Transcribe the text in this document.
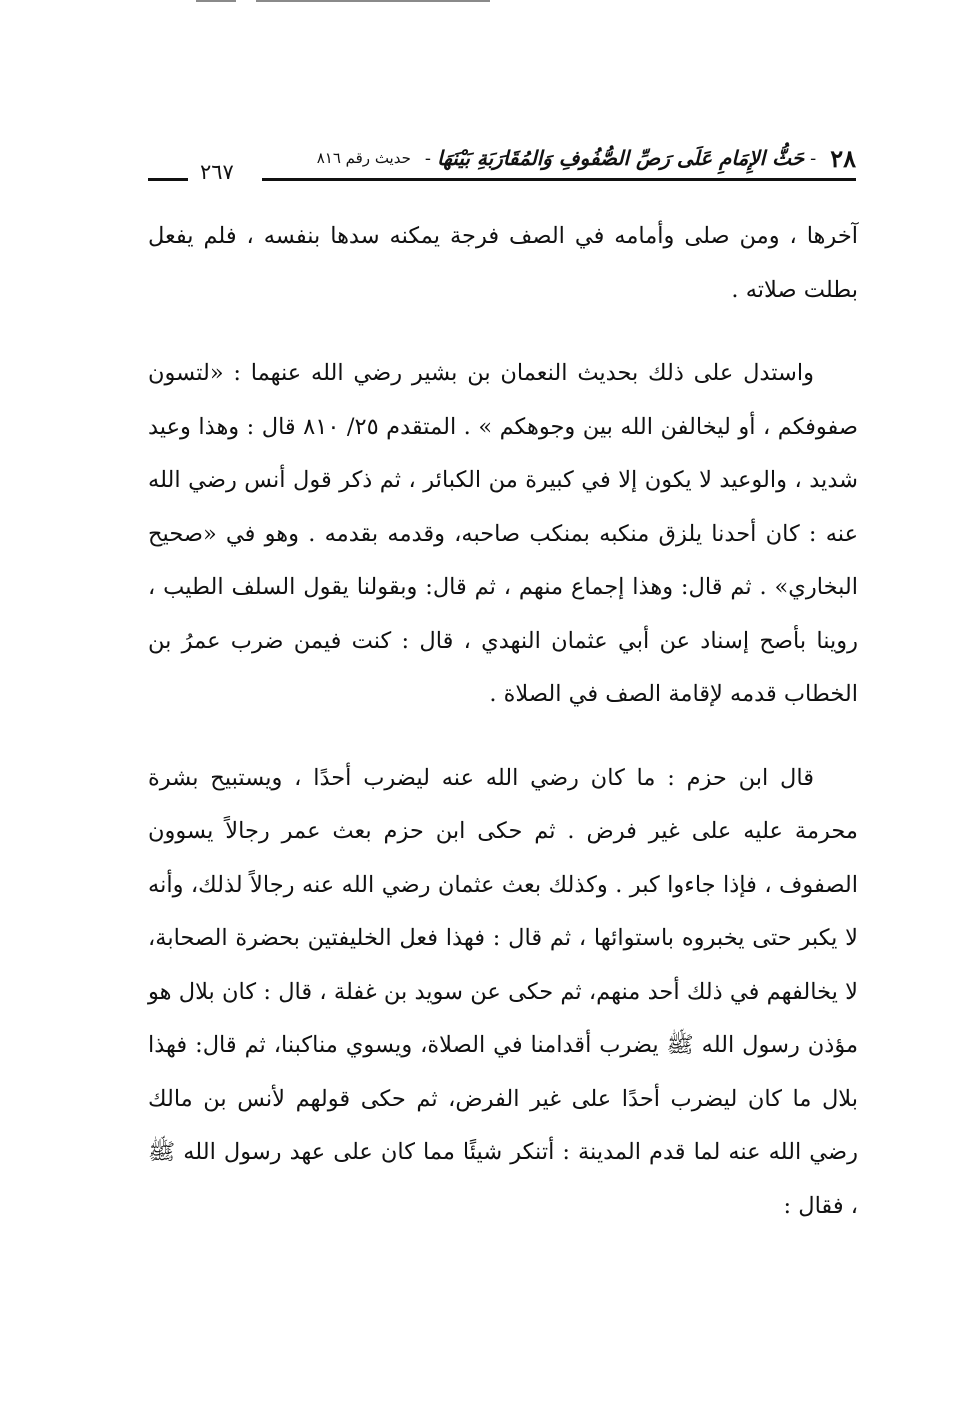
٢٨
-
حَثُّ الإِمَامِ عَلَى رَصِّ الصُّفُوفِ وَالمُقَارَبَةِ بَيْنَهَا
-
حديث رقم ٨١٦
٢٦٧

آخرها ، ومن صلى وأمامه في الصف فرجة يمكنه سدها بنفسه ، فلم يفعل بطلت صلاته .

واستدل على ذلك بحديث النعمان بن بشير رضي الله عنهما : «لتسون صفوفكم ، أو ليخالفن الله بين وجوهكم » . المتقدم ٢٥/ ٨١٠ قال : وهذا وعيد شديد ، والوعيد لا يكون إلا في كبيرة من الكبائر ، ثم ذكر قول أنس رضي الله عنه : كان أحدنا يلزق منكبه بمنكب صاحبه، وقدمه بقدمه . وهو في «صحيح البخاري» . ثم قال: وهذا إجماع منهم ، ثم قال: وبقولنا يقول السلف الطيب ، روينا بأصح إسناد عن أبي عثمان النهدي ، قال : كنت فيمن ضرب عمرُ بن الخطاب قدمه لإقامة الصف في الصلاة .

قال ابن حزم : ما كان رضي الله عنه ليضرب أحدًا ، ويستبيح بشرة محرمة عليه على غير فرض . ثم حكى ابن حزم بعث عمر رجالاً يسوون الصفوف ، فإذا جاءوا كبر . وكذلك بعث عثمان رضي الله عنه رجالاً لذلك، وأنه لا يكبر حتى يخبروه باستوائها ، ثم قال : فهذا فعل الخليفتين بحضرة الصحابة، لا يخالفهم في ذلك أحد منهم، ثم حكى عن سويد بن غفلة ، قال : كان بلال هو مؤذن رسول الله ﷺ يضرب أقدامنا في الصلاة، ويسوي مناكبنا، ثم قال: فهذا بلال ما كان ليضرب أحدًا على غير الفرض، ثم حكى قولهم لأنس بن مالك رضي الله عنه لما قدم المدينة : أتنكر شيئًا مما كان على عهد رسول الله ﷺ ، فقال :
